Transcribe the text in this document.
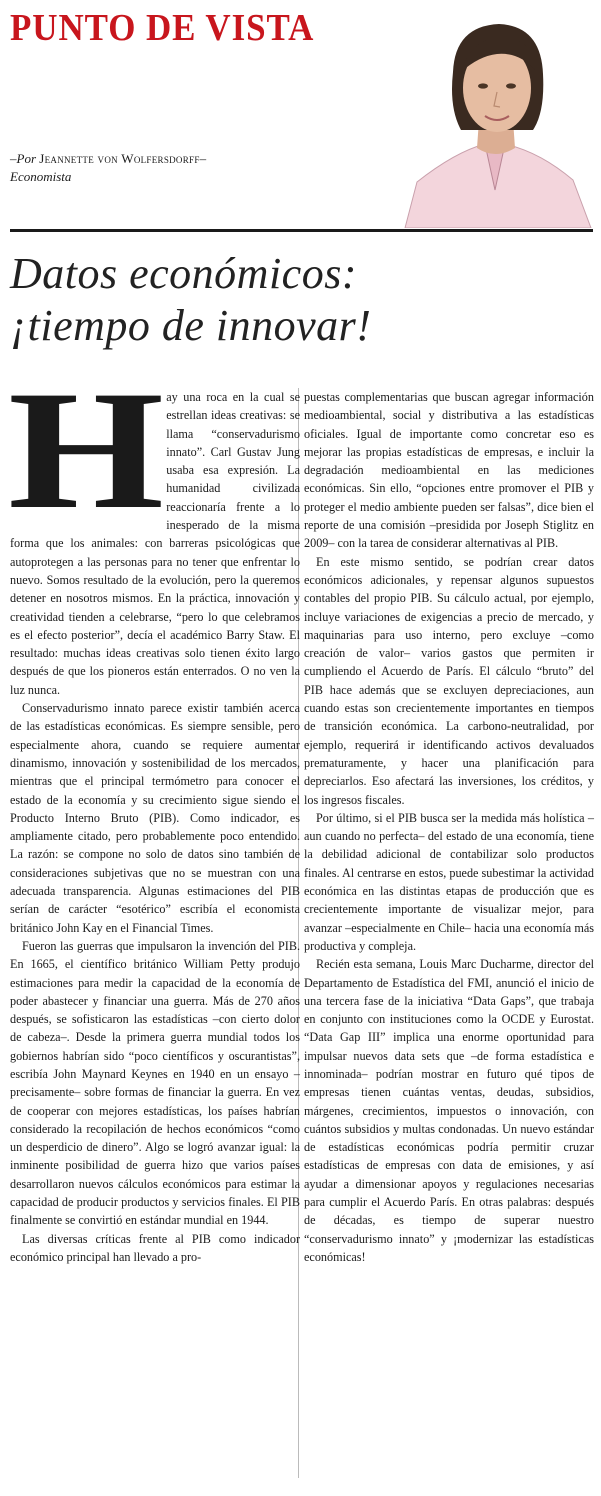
PUNTO DE VISTA
–Por Jeannette von Wolfersdorff–
Economista
Datos económicos:
¡tiempo de innovar!

Hay una roca en la cual se estrellan ideas creativas: se llama “conservadurismo innato”. Carl Gustav Jung usaba esa expresión. La humanidad civilizada reaccionaría frente a lo inesperado de la misma forma que los animales: con barreras psicológicas que autoprotegen a las personas para no tener que enfrentar lo nuevo. Somos resultado de la evolución, pero la queremos detener en nosotros mismos. En la práctica, innovación y creatividad tienden a celebrarse, “pero lo que celebramos es el efecto posterior”, decía el académico Barry Staw. El resultado: muchas ideas creativas solo tienen éxito largo después de que los pioneros están enterrados. O no ven la luz nunca.

Conservadurismo innato parece existir también acerca de las estadísticas económicas. Es siempre sensible, pero especialmente ahora, cuando se requiere aumentar dinamismo, innovación y sostenibilidad de los mercados, mientras que el principal termómetro para conocer el estado de la economía y su crecimiento sigue siendo el Producto Interno Bruto (PIB). Como indicador, es ampliamente citado, pero probablemente poco entendido. La razón: se compone no solo de datos sino también de consideraciones subjetivas que no se muestran con una adecuada transparencia. Algunas estimaciones del PIB serían de carácter “esotérico” escribía el economista británico John Kay en el Financial Times.

Fueron las guerras que impulsaron la invención del PIB. En 1665, el científico británico William Petty produjo estimaciones para medir la capacidad de la economía de poder abastecer y financiar una guerra. Más de 270 años después, se sofisticaron las estadísticas –con cierto dolor de cabeza–. Desde la primera guerra mundial todos los gobiernos habrían sido “poco científicos y oscurantistas”, escribía John Maynard Keynes en 1940 en un ensayo –precisamente– sobre formas de financiar la guerra. En vez de cooperar con mejores estadísticas, los países habrían considerado la recopilación de hechos económicos “como un desperdicio de dinero”. Algo se logró avanzar igual: la inminente posibilidad de guerra hizo que varios países desarrollaron nuevos cálculos económicos para estimar la capacidad de producir productos y servicios finales. El PIB finalmente se convirtió en estándar mundial en 1944.

Las diversas críticas frente al PIB como indicador económico principal han llevado a pro-

puestas complementarias que buscan agregar información medioambiental, social y distributiva a las estadísticas oficiales. Igual de importante como concretar eso es mejorar las propias estadísticas de empresas, e incluir la degradación medioambiental en las mediciones económicas. Sin ello, “opciones entre promover el PIB y proteger el medio ambiente pueden ser falsas”, dice bien el reporte de una comisión –presidida por Joseph Stiglitz en 2009– con la tarea de considerar alternativas al PIB.

En este mismo sentido, se podrían crear datos económicos adicionales, y repensar algunos supuestos contables del propio PIB. Su cálculo actual, por ejemplo, incluye variaciones de exigencias a precio de mercado, y maquinarias para uso interno, pero excluye –como creación de valor– varios gastos que permiten ir cumpliendo el Acuerdo de París. El cálculo “bruto” del PIB hace además que se excluyen depreciaciones, aun cuando estas son crecientemente importantes en tiempos de transición económica. La carbono-neutralidad, por ejemplo, requerirá ir identificando activos devaluados prematuramente, y hacer una planificación para depreciarlos. Eso afectará las inversiones, los créditos, y los ingresos fiscales.

Por último, si el PIB busca ser la medida más holística –aun cuando no perfecta– del estado de una economía, tiene la debilidad adicional de contabilizar solo productos finales. Al centrarse en estos, puede subestimar la actividad económica en las distintas etapas de producción que es crecientemente importante de visualizar mejor, para avanzar –especialmente en Chile– hacia una economía más productiva y compleja.

Recién esta semana, Louis Marc Ducharme, director del Departamento de Estadística del FMI, anunció el inicio de una tercera fase de la iniciativa “Data Gaps”, que trabaja en conjunto con instituciones como la OCDE y Eurostat. “Data Gap III” implica una enorme oportunidad para impulsar nuevos data sets que –de forma estadística e innominada– podrían mostrar en futuro qué tipos de empresas tienen cuántas ventas, deudas, subsidios, márgenes, crecimientos, impuestos o innovación, con cuántos subsidios y multas condonadas. Un nuevo estándar de estadísticas económicas podría permitir cruzar estadísticas de empresas con data de emisiones, y así ayudar a dimensionar apoyos y regulaciones necesarias para cumplir el Acuerdo París. En otras palabras: después de décadas, es tiempo de superar nuestro “conservadurismo innato” y ¡modernizar las estadísticas económicas!
